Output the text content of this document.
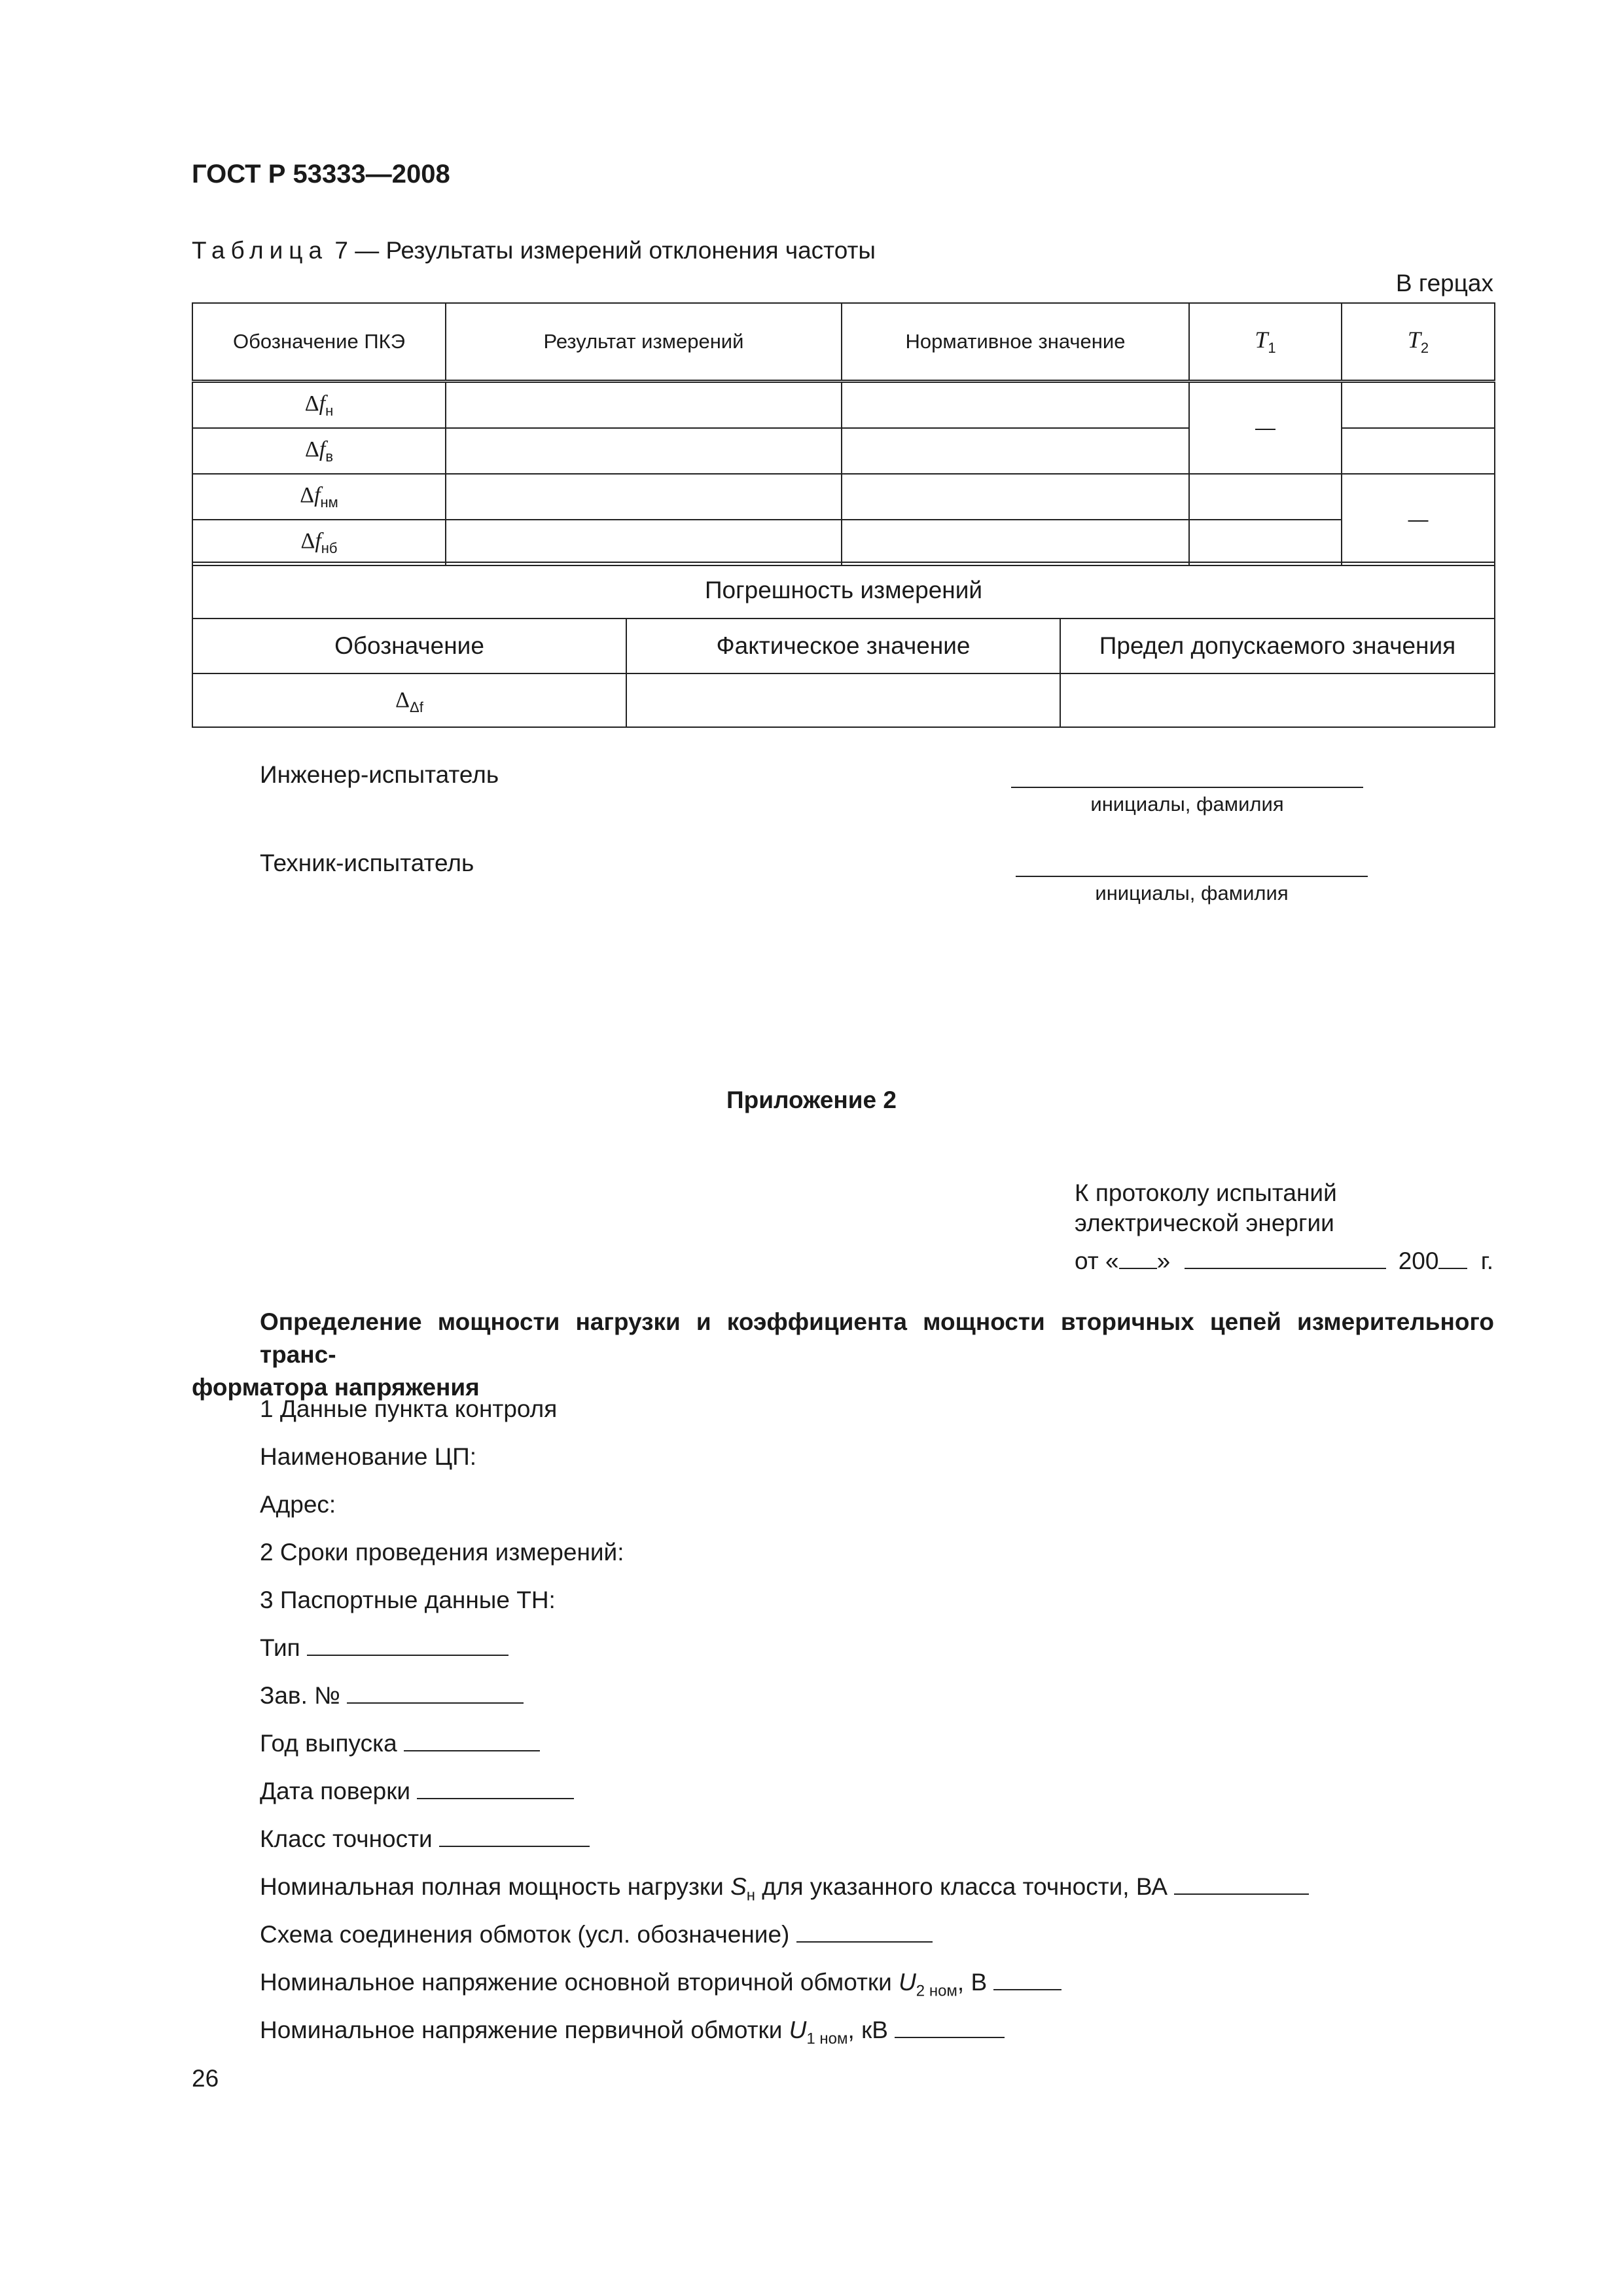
ГОСТ Р 53333—2008
Таблица 7 — Результаты измерений отклонения частоты
В герцах
Обозначение ПКЭ	Результат измерений	Нормативное значение	$T_1$	$T_2$
$\Delta f_н$			—	
$\Delta f_в$			
$\Delta f_{нм}$				—
$\Delta f_{нб}$			
Погрешность измерений		
Обозначение	Фактическое значение	Предел допускаемого значения
$\Delta_{\Delta f}$		
Инженер-испытатель
инициалы, фамилия
Техник-испытатель
инициалы, фамилия
Приложение 2
К протоколу испытаний
электрической энергии
от « »	200 г.
Определение мощности нагрузки и коэффициента мощности вторичных цепей измерительного транс-
форматора напряжения
1 Данные пункта контроля
Наименование ЦП:
Адрес:
2 Сроки проведения измерений:
3 Паспортные данные ТН:
Тип
Зав. №
Год выпуска
Дата поверки
Класс точности
Номинальная полная мощность нагрузки $S_н$ для указанного класса точности, ВА
Схема соединения обмоток (усл. обозначение)
Номинальное напряжение основной вторичной обмотки $U_{2 ном}$, В
Номинальное напряжение первичной обмотки $U_{1 ном}$, кВ
26
